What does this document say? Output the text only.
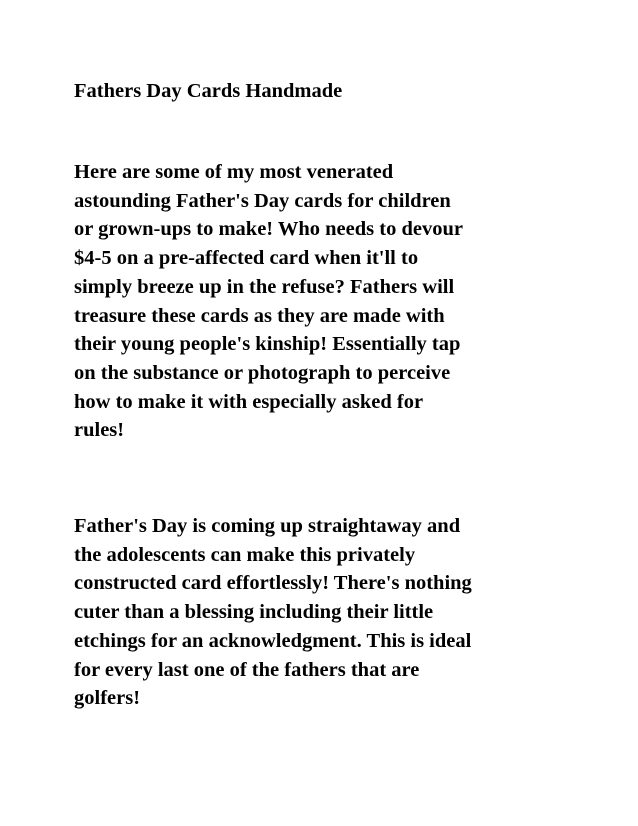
Fathers Day Cards Handmade

Here are some of my most venerated
astounding Father's Day cards for children
or grown-ups to make! Who needs to devour
$4-5 on a pre-affected card when it'll to
simply breeze up in the refuse? Fathers will
treasure these cards as they are made with
their young people's kinship! Essentially tap
on the substance or photograph to perceive
how to make it with especially asked for
rules!

Father's Day is coming up straightaway and
the adolescents can make this privately
constructed card effortlessly! There's nothing
cuter than a blessing including their little
etchings for an acknowledgment. This is ideal
for every last one of the fathers that are
golfers!
